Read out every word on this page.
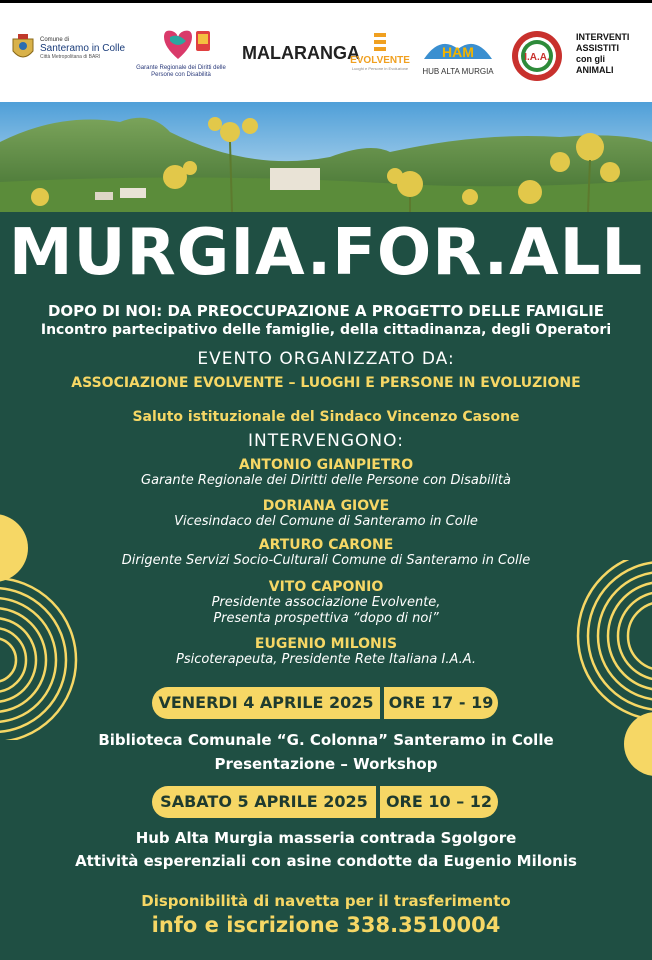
Comune di
Santeramo in Colle
Città Metropolitana di BARI
Garante Regionale dei Diritti delle Persone con Disabilità
MALARANGA
EVOLVENTE
Luoghi e Persone in Evoluzione
HAM
HUB ALTA MURGIA
I.A.A.
INTERVENTI
ASSISTITI
con gli
ANIMALI
MURGIA.FOR.ALL
DOPO DI NOI: DA PREOCCUPAZIONE A PROGETTO DELLE FAMIGLIE
Incontro partecipativo delle famiglie, della cittadinanza, degli Operatori
EVENTO ORGANIZZATO DA:
ASSOCIAZIONE EVOLVENTE – LUOGHI E PERSONE IN EVOLUZIONE
Saluto istituzionale del Sindaco Vincenzo Casone
INTERVENGONO:
ANTONIO GIANPIETRO
Garante Regionale dei Diritti delle Persone con Disabilità
DORIANA GIOVE
Vicesindaco del Comune di Santeramo in Colle
ARTURO CARONE
Dirigente Servizi Socio-Culturali Comune di Santeramo in Colle
VITO CAPONIO
Presidente associazione Evolvente,
Presenta prospettiva “dopo di noi”
EUGENIO MILONIS
Psicoterapeuta, Presidente Rete Italiana I.A.A.
VENERDI 4 APRILE 2025 ORE 17 - 19
Biblioteca Comunale “G. Colonna” Santeramo in Colle
Presentazione – Workshop
SABATO 5 APRILE 2025	ORE 10 – 12
Hub Alta Murgia masseria contrada Sgolgore
Attività esperenziali con asine condotte da Eugenio Milonis
Disponibilità di navetta per il trasferimento
info e iscrizione 338.3510004
